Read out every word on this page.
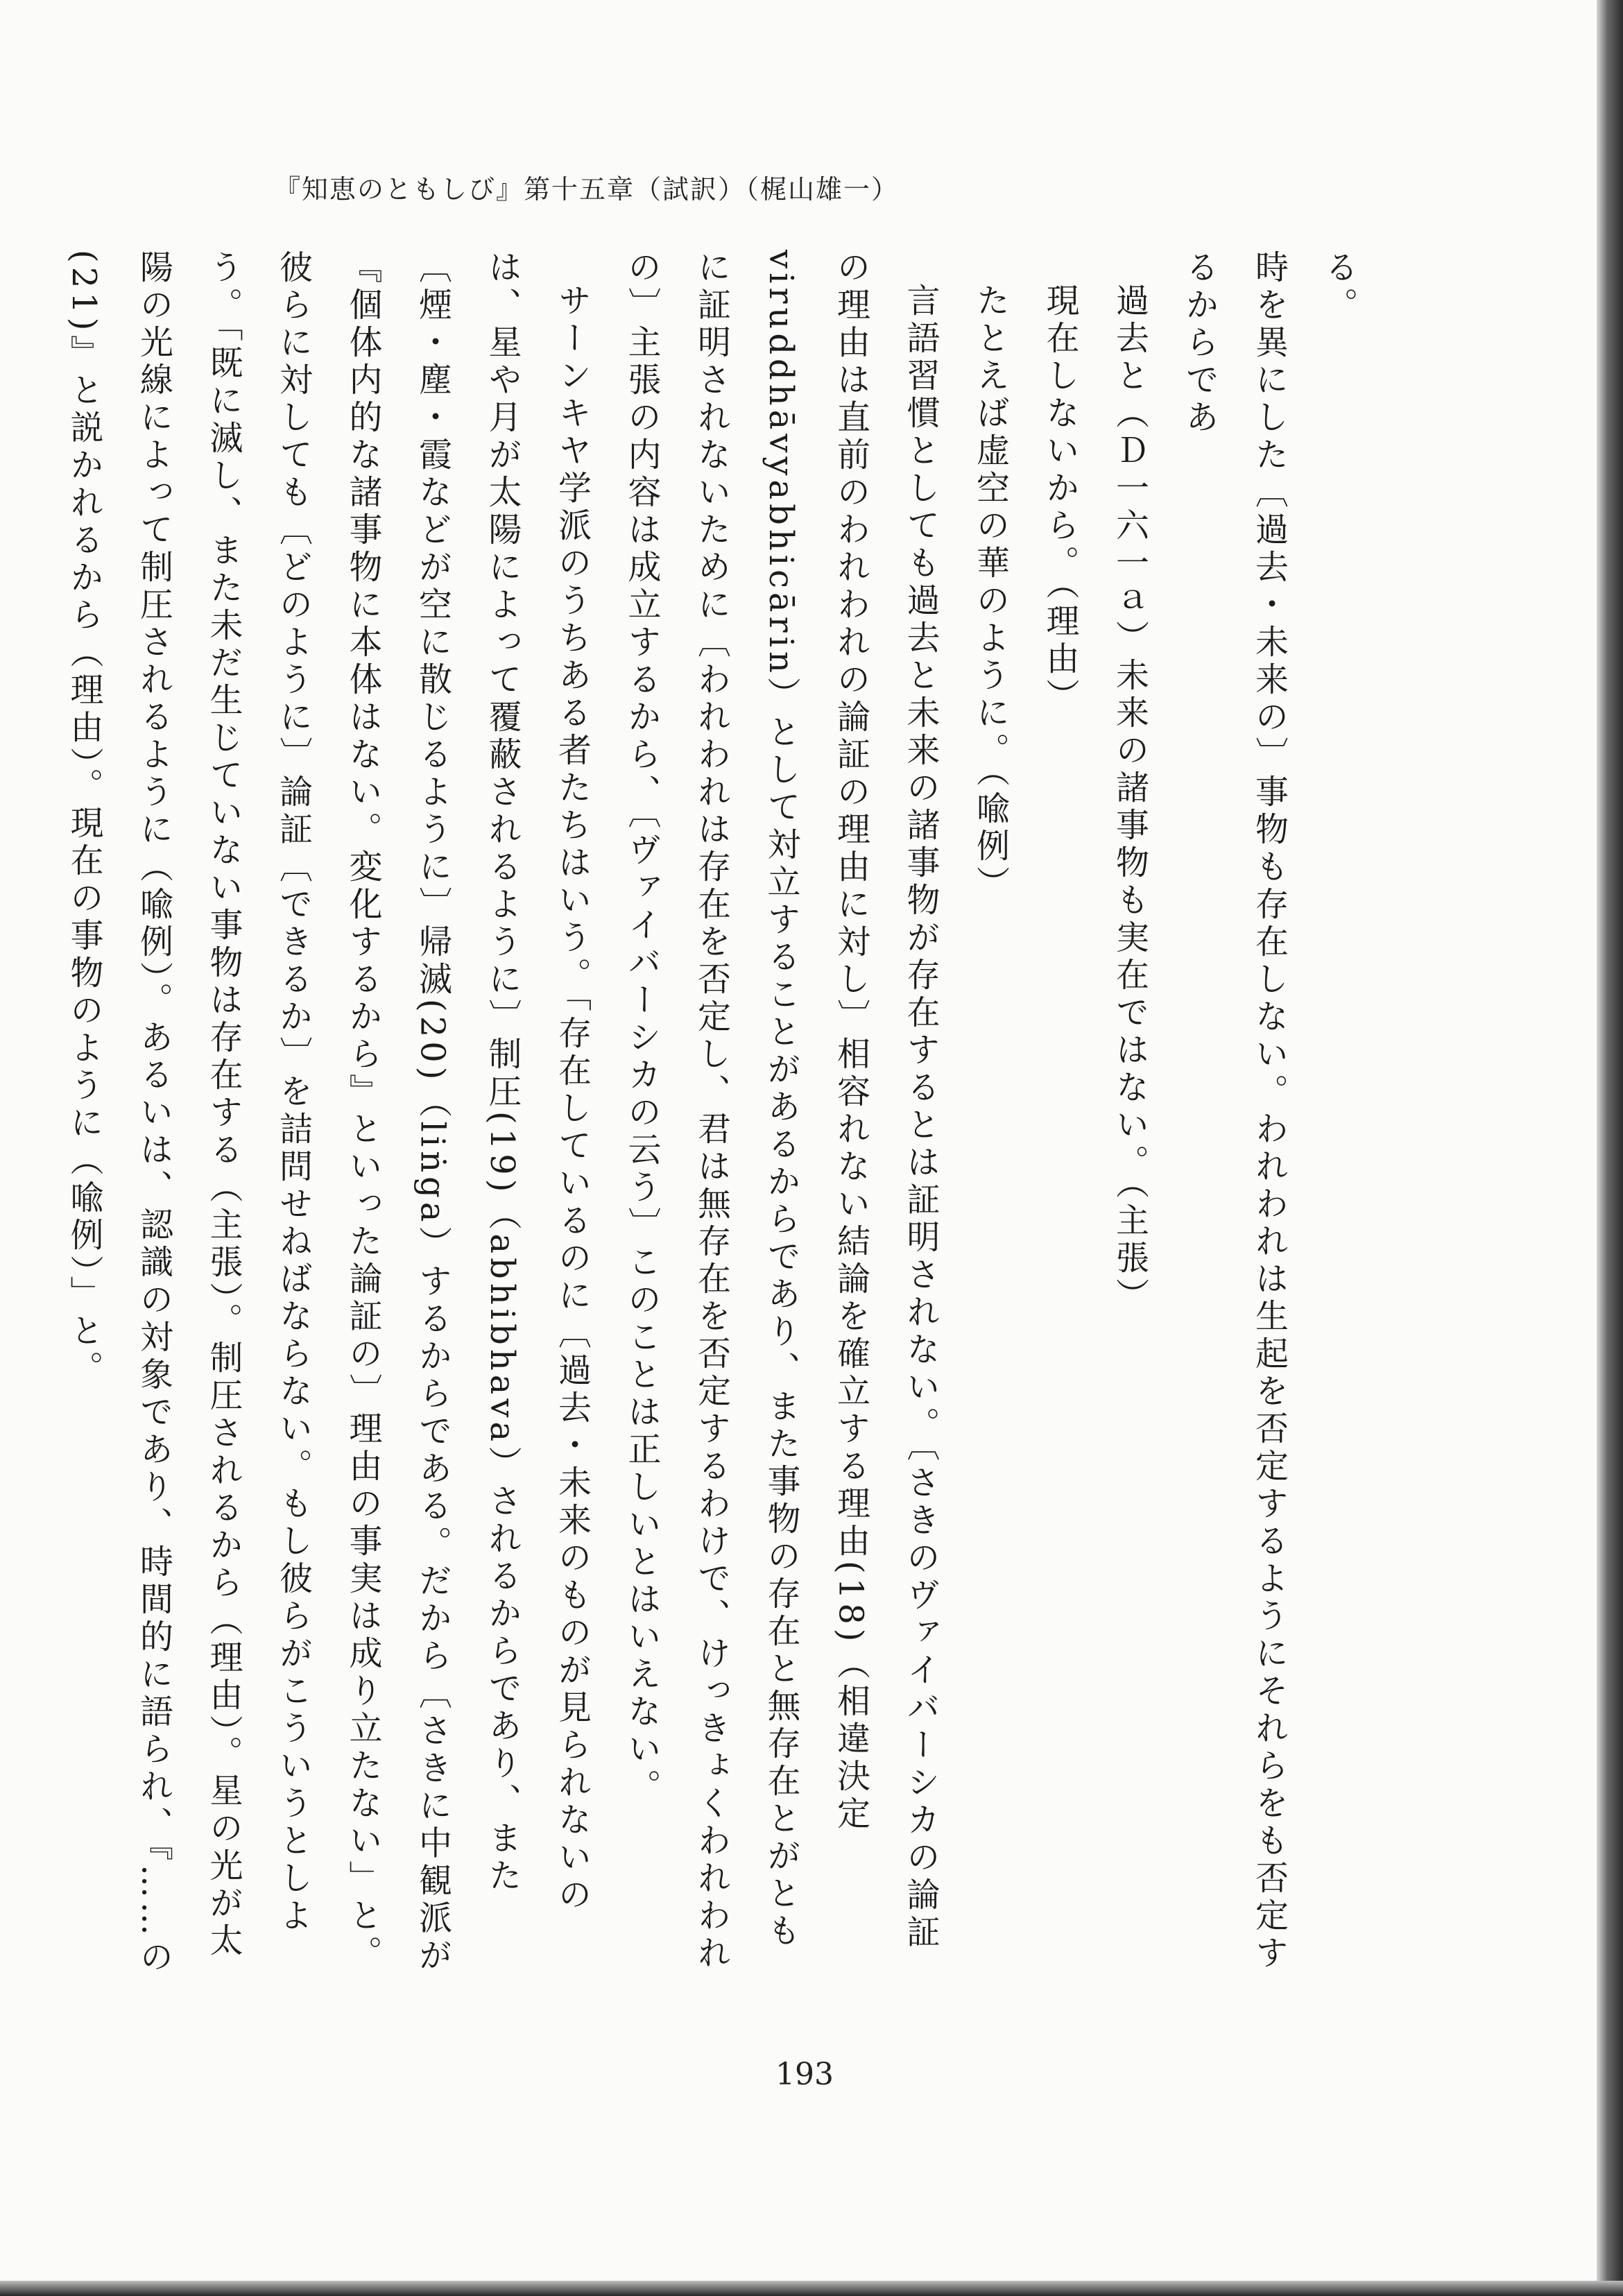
『知恵のともしび』第十五章（試訳）（梶山雄一）

る。

時を異にした〔過去・未来の〕事物も存在しない。われわれは生起を否定するようにそれらをも否定するからであ

過去と（Ｄ一六一ａ）未来の諸事物も実在ではない。（主張）

現在しないから。（理由）

たとえば虚空の華のように。（喩例）

言語習慣としても過去と未来の諸事物が存在するとは証明されない。〔さきのヴァイバーシカの論証の理由は直前のわれわれの論証の理由に対し〕相容れない結論を確立する理由(18)（相違決定 viruddhāvyabhicārin）として対立することがあるからであり、また事物の存在と無存在とがともに証明されないために〔われわれは存在を否定し、君は無存在を否定するわけで、けっきょくわれわれの〕主張の内容は成立するから、〔ヴァイバーシカの云う〕このことは正しいとはいえない。

サーンキヤ学派のうちある者たちはいう。「存在しているのに〔過去・未来のものが見られないのは、星や月が太陽によって覆蔽されるように〕制圧(19)（abhibhava）されるからであり、また〔煙・塵・霞などが空に散じるように〕帰滅(20)（liṅga）するからである。だから〔さきに中観派が『個体内的な諸事物に本体はない。変化するから』といった論証の〕理由の事実は成り立たない」と。彼らに対しても〔どのように〕論証〔できるか〕を詰問せねばならない。もし彼らがこういうとしよう。「既に滅し、また未だ生じていない事物は存在する（主張）。制圧されるから（理由）。星の光が太陽の光線によって制圧されるように（喩例）。あるいは、認識の対象であり、時間的に語られ、『……の(21)』と説かれるから（理由）。現在の事物のように（喩例）」と。

193
